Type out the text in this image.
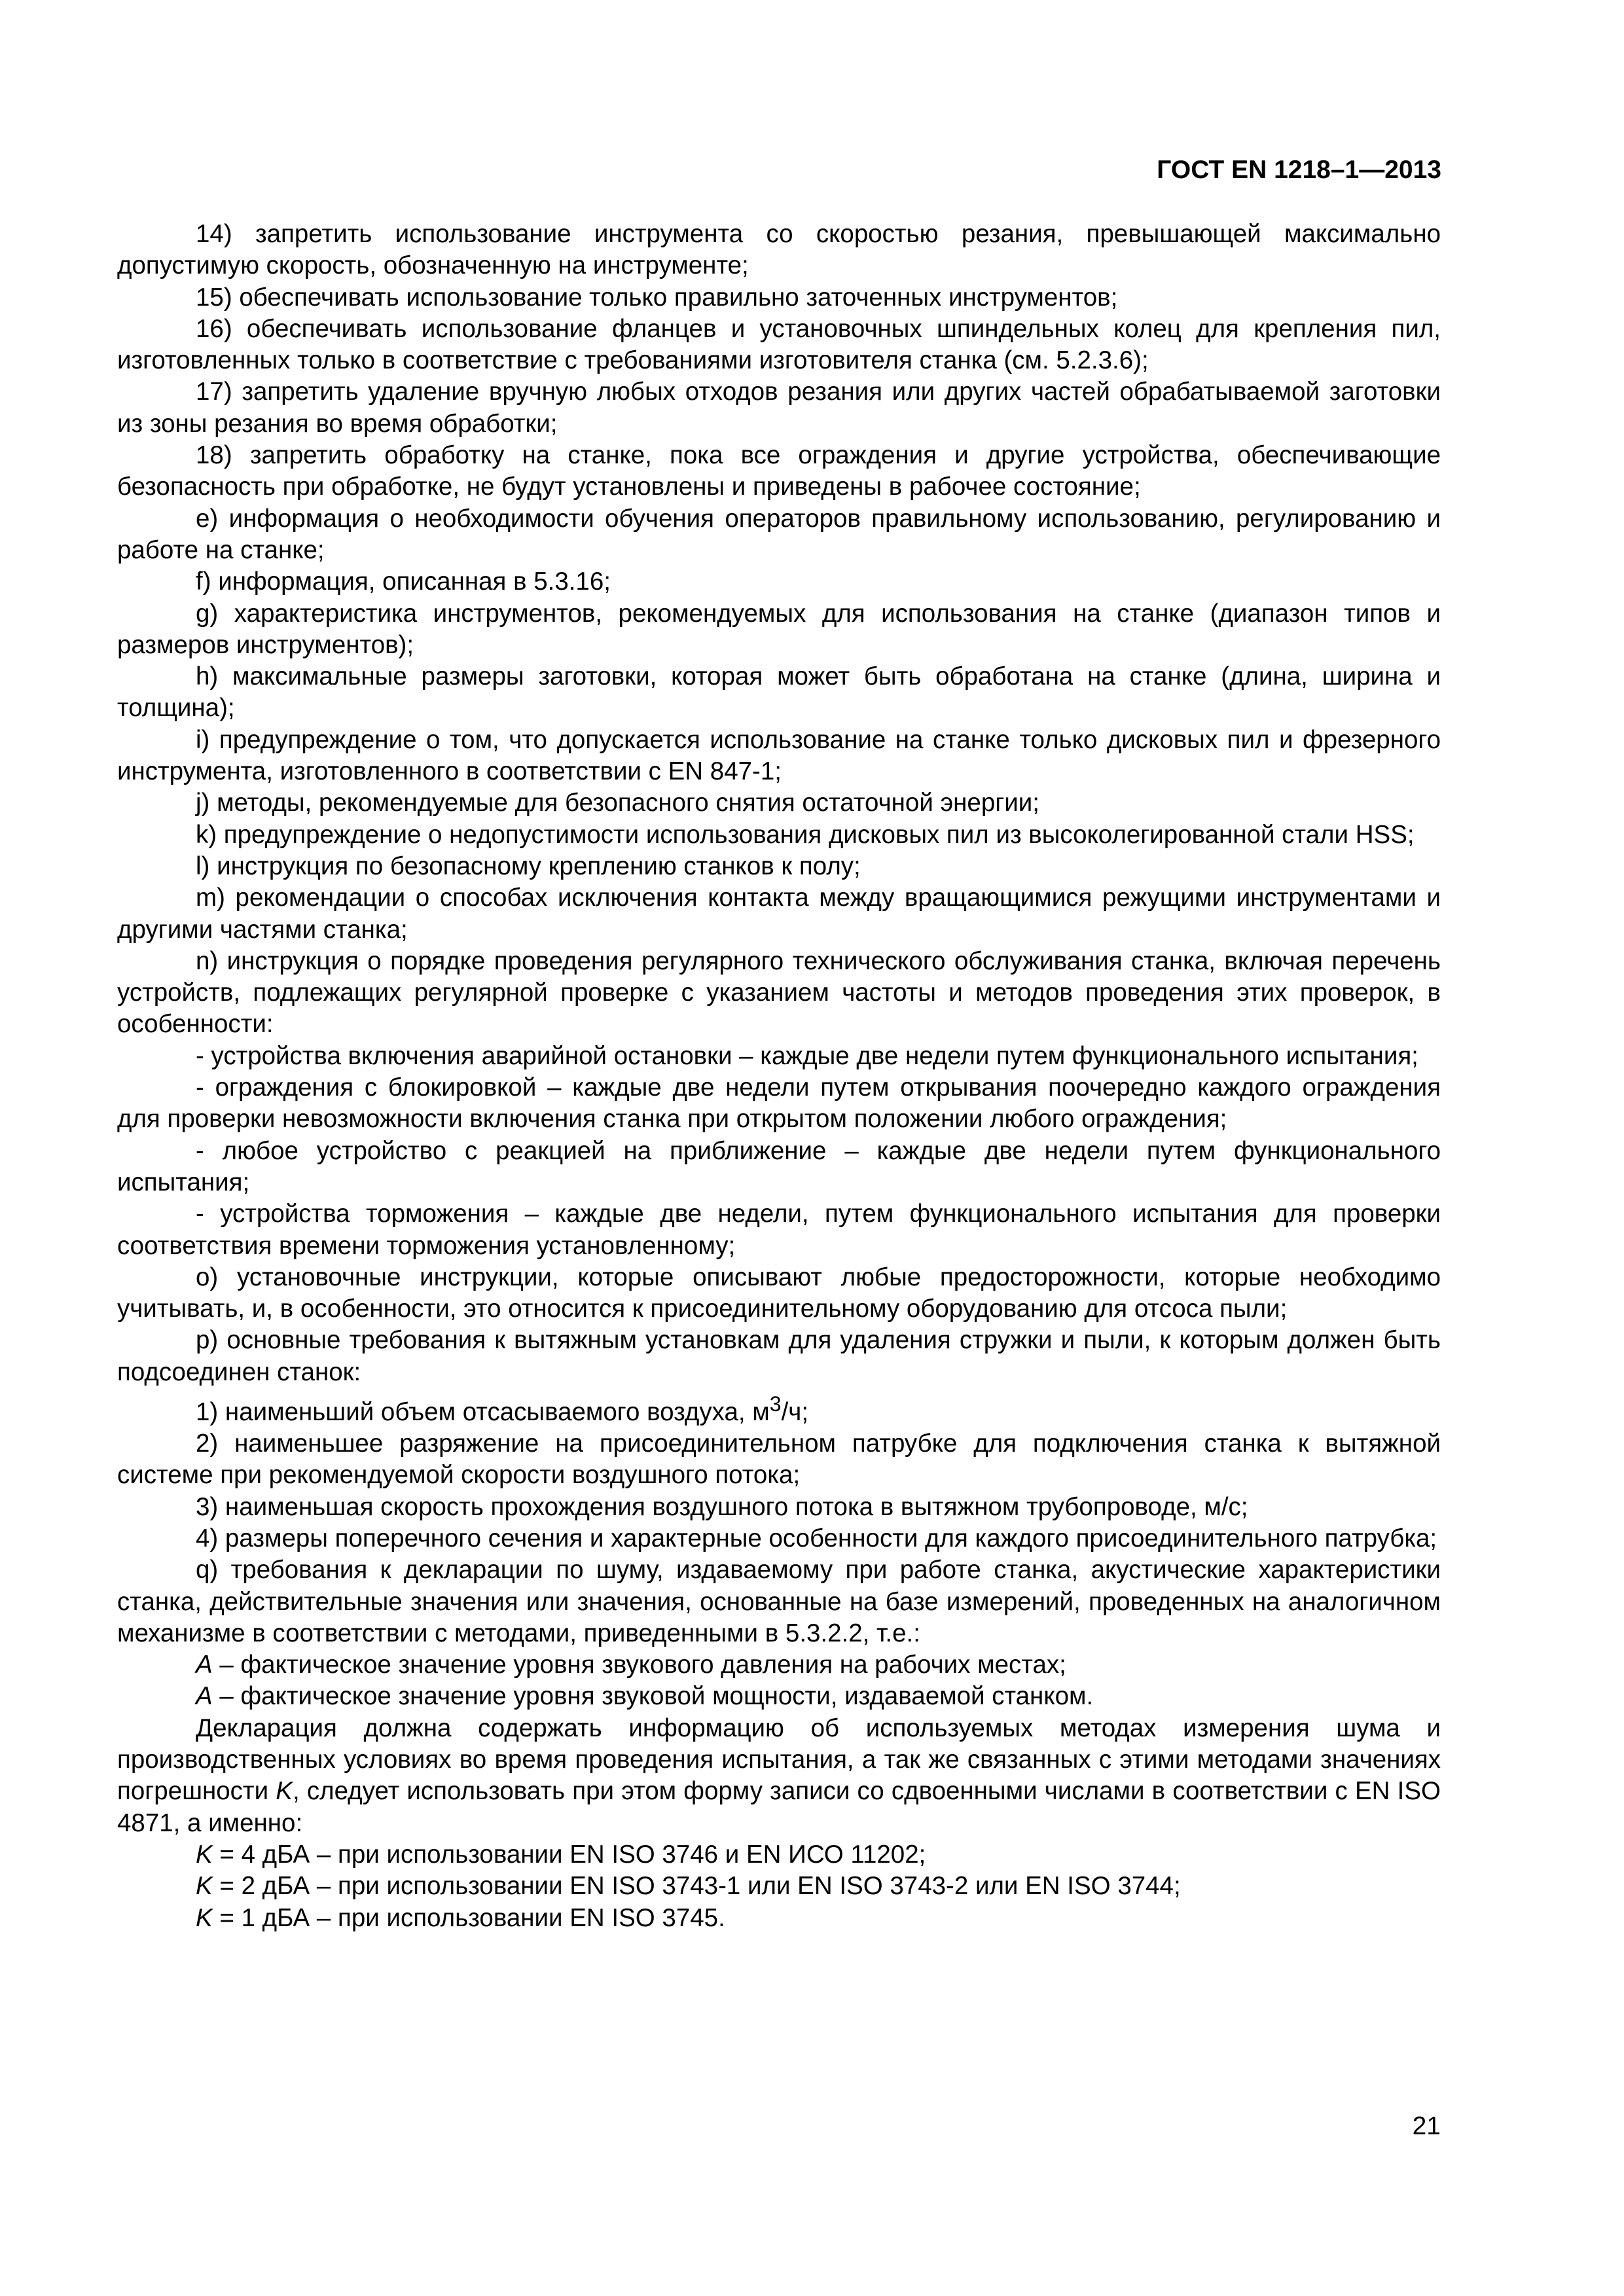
ГОСТ EN 1218–1—2013

14) запретить использование инструмента со скоростью резания, превышающей максимально допустимую скорость, обозначенную на инструменте;

15) обеспечивать использование только правильно заточенных инструментов;

16) обеспечивать использование фланцев и установочных шпиндельных колец для крепления пил, изготовленных только в соответствие с требованиями изготовителя станка (см. 5.2.3.6);

17) запретить удаление вручную любых отходов резания или других частей обрабатываемой заготовки из зоны резания во время обработки;

18) запретить обработку на станке, пока все ограждения и другие устройства, обеспечивающие безопасность при обработке, не будут установлены и приведены в рабочее состояние;

e) информация о необходимости обучения операторов правильному использованию, регулированию и работе на станке;

f) информация, описанная в 5.3.16;

g) характеристика инструментов, рекомендуемых для использования на станке (диапазон типов и размеров инструментов);

h) максимальные размеры заготовки, которая может быть обработана на станке (длина, ширина и толщина);

i) предупреждение о том, что допускается использование на станке только дисковых пил и фрезерного инструмента, изготовленного в соответствии с EN 847-1;

j) методы, рекомендуемые для безопасного снятия остаточной энергии;

k) предупреждение о недопустимости использования дисковых пил из высоколегированной стали HSS;

l) инструкция по безопасному креплению станков к полу;

m) рекомендации о способах исключения контакта между вращающимися режущими инструментами и другими частями станка;

n) инструкция о порядке проведения регулярного технического обслуживания станка, включая перечень устройств, подлежащих регулярной проверке с указанием частоты и методов проведения этих проверок, в особенности:

- устройства включения аварийной остановки – каждые две недели путем функционального испытания;

- ограждения с блокировкой – каждые две недели путем открывания поочередно каждого ограждения для проверки невозможности включения станка при открытом положении любого ограждения;

- любое устройство с реакцией на приближение – каждые две недели путем функционального испытания;

- устройства торможения – каждые две недели, путем функционального испытания для проверки соответствия времени торможения установленному;

o) установочные инструкции, которые описывают любые предосторожности, которые необходимо учитывать, и, в особенности, это относится к присоединительному оборудованию для отсоса пыли;

p) основные требования к вытяжным установкам для удаления стружки и пыли, к которым должен быть подсоединен станок:

1) наименьший объем отсасываемого воздуха, $м^3/ч$;

2) наименьшее разряжение на присоединительном патрубке для подключения станка к вытяжной системе при рекомендуемой скорости воздушного потока;

3) наименьшая скорость прохождения воздушного потока в вытяжном трубопроводе, м/с;

4) размеры поперечного сечения и характерные особенности для каждого присоединительного патрубка;

q) требования к декларации по шуму, издаваемому при работе станка, акустические характеристики станка, действительные значения или значения, основанные на базе измерений, проведенных на аналогичном механизме в соответствии с методами, приведенными в 5.3.2.2, т.е.:

A – фактическое значение уровня звукового давления на рабочих местах;

A – фактическое значение уровня звуковой мощности, издаваемой станком.

Декларация должна содержать информацию об используемых методах измерения шума и производственных условиях во время проведения испытания, а так же связанных с этими методами значениях погрешности K, следует использовать при этом форму записи со сдвоенными числами в соответствии с EN ISO 4871, а именно:

K = 4 дБА – при использовании EN ISO 3746 и EN ИСО 11202;

K = 2 дБА – при использовании EN ISO 3743-1 или EN ISO 3743-2 или EN ISO 3744;

K = 1 дБА – при использовании EN ISO 3745.

21
